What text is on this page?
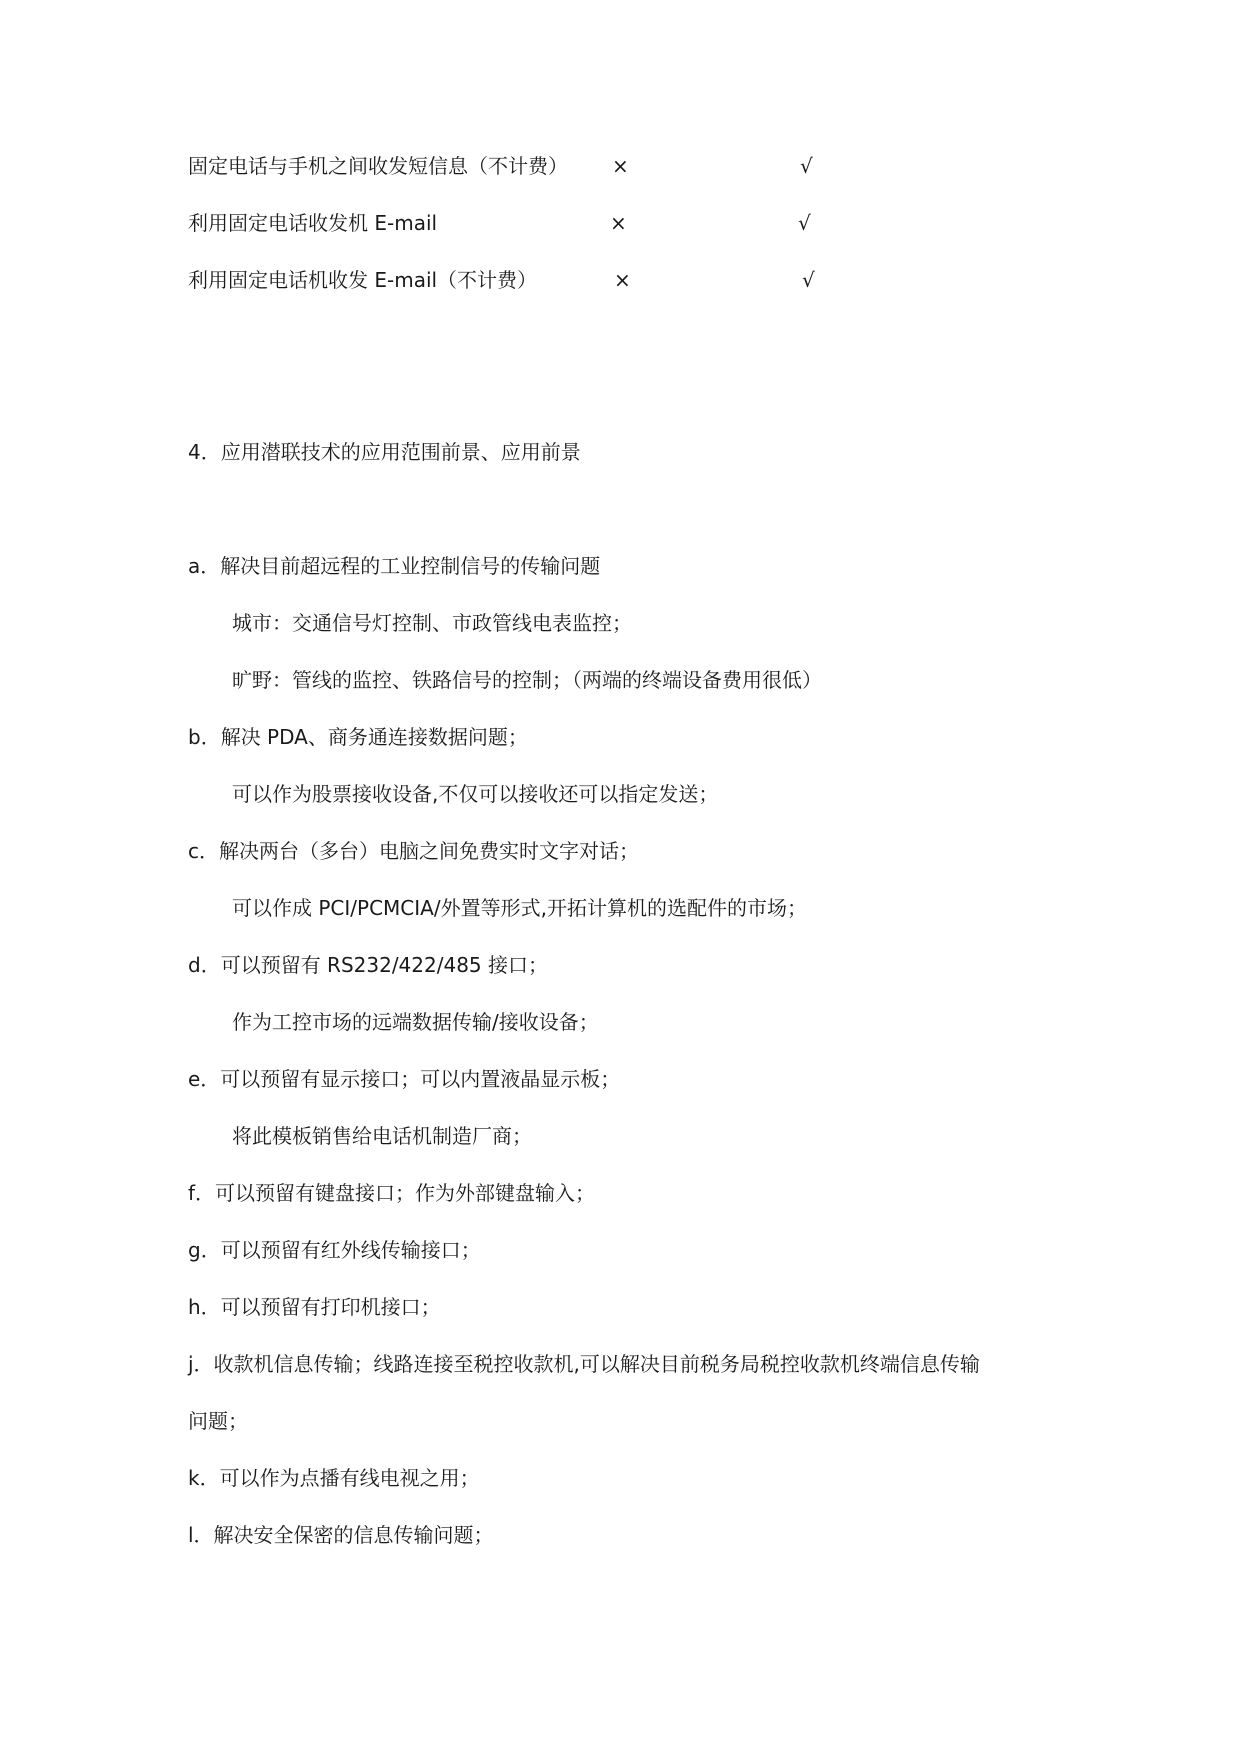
固定电话与手机之间收发短信息（不计费） ×	√
利用固定电话收发机 E-mail	×	√
利用固定电话机收发 E-mail（不计费）	×	√
4．应用潜联技术的应用范围前景、应用前景
a．解决目前超远程的工业控制信号的传输问题
城市：交通信号灯控制、市政管线电表监控；
旷野：管线的监控、铁路信号的控制；（两端的终端设备费用很低）
b．解决 PDA、商务通连接数据问题；
可以作为股票接收设备,不仅可以接收还可以指定发送；
c．解决两台（多台）电脑之间免费实时文字对话；
可以作成 PCI/PCMCIA/外置等形式,开拓计算机的选配件的市场；
d．可以预留有 RS232/422/485 接口；
作为工控市场的远端数据传输/接收设备；
e．可以预留有显示接口；可以内置液晶显示板；
将此模板销售给电话机制造厂商；
f．可以预留有键盘接口；作为外部键盘输入；
g．可以预留有红外线传输接口；
h．可以预留有打印机接口；
j．收款机信息传输；线路连接至税控收款机,可以解决目前税务局税控收款机终端信息传输
问题；
k．可以作为点播有线电视之用；
l．解决安全保密的信息传输问题；
